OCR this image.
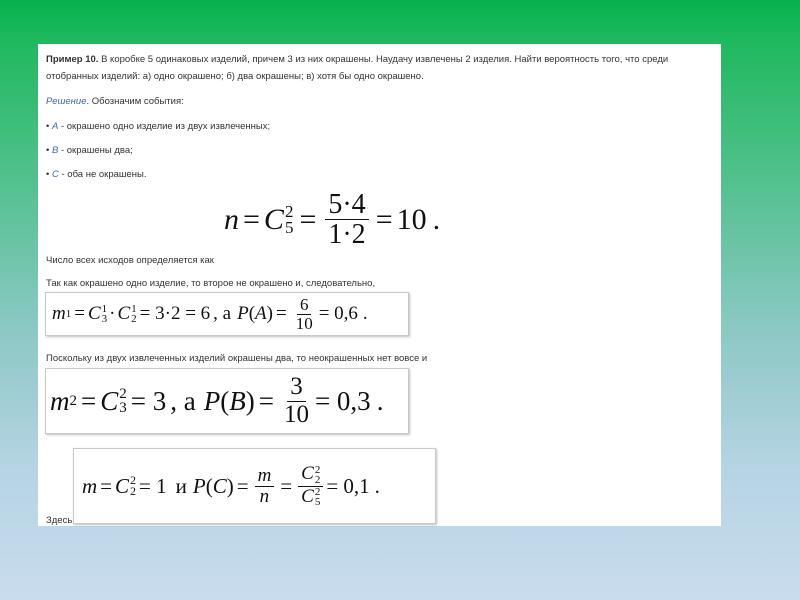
Пример 10. В коробке 5 одинаковых изделий, причем 3 из них окрашены. Наудачу извлечены 2 изделия. Найти вероятность того, что среди
отобранных изделий: а) одно окрашено; б) два окрашены; в) хотя бы одно окрашено.
Решение. Обозначим события:
• A - окрашено одно изделие из двух извлеченных;
• B - окрашены два;
• C - оба не окрашены.
n = C 2
$5 = \frac{5\cdot 4}{1\cdot 2} = 10$ .
Число всех исходов определяется как
Так как окрашено одно изделие, то второе не окрашено и, следовательно,
m 1 = C 1
3 · C 1
2 = 3·2 = 6 , а P ( A ) = $\frac{6}{10} = 0,6$ .
Поскольку из двух извлеченных изделий окрашены два, то неокрашенных нет вовсе и
m 2 = C 2
3 = 3 , а P ( B ) = $\frac{3}{10} = 0,3$ .
m = C 2
2 = 1 и P ( C ) = $\frac{m}{n} = C$ 2
2
C 2
5 = 0,1 .
Здесь
